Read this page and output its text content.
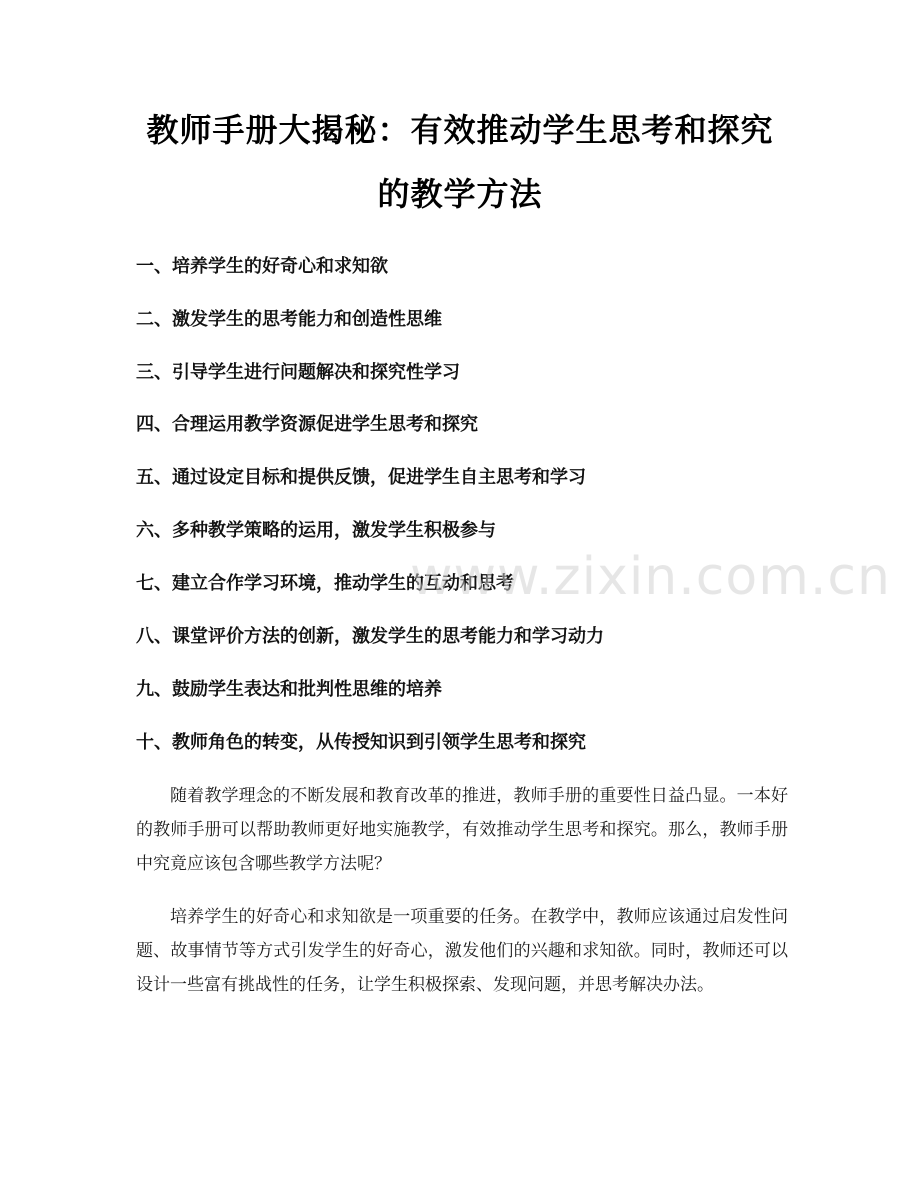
教师手册大揭秘：有效推动学生思考和探究
的教学方法
一、培养学生的好奇心和求知欲
二、激发学生的思考能力和创造性思维
三、引导学生进行问题解决和探究性学习
四、合理运用教学资源促进学生思考和探究
五、通过设定目标和提供反馈，促进学生自主思考和学习
六、多种教学策略的运用，激发学生积极参与
七、建立合作学习环境，推动学生的互动和思考
八、课堂评价方法的创新，激发学生的思考能力和学习动力
九、鼓励学生表达和批判性思维的培养
十、教师角色的转变，从传授知识到引领学生思考和探究

随着教学理念的不断发展和教育改革的推进，教师手册的重要性日益凸显。一本好的教师手册可以帮助教师更好地实施教学，有效推动学生思考和探究。那么，教师手册中究竟应该包含哪些教学方法呢？

培养学生的好奇心和求知欲是一项重要的任务。在教学中，教师应该通过启发性问题、故事情节等方式引发学生的好奇心，激发他们的兴趣和求知欲。同时，教师还可以设计一些富有挑战性的任务，让学生积极探索、发现问题，并思考解决办法。

www.zixin.com.cn
